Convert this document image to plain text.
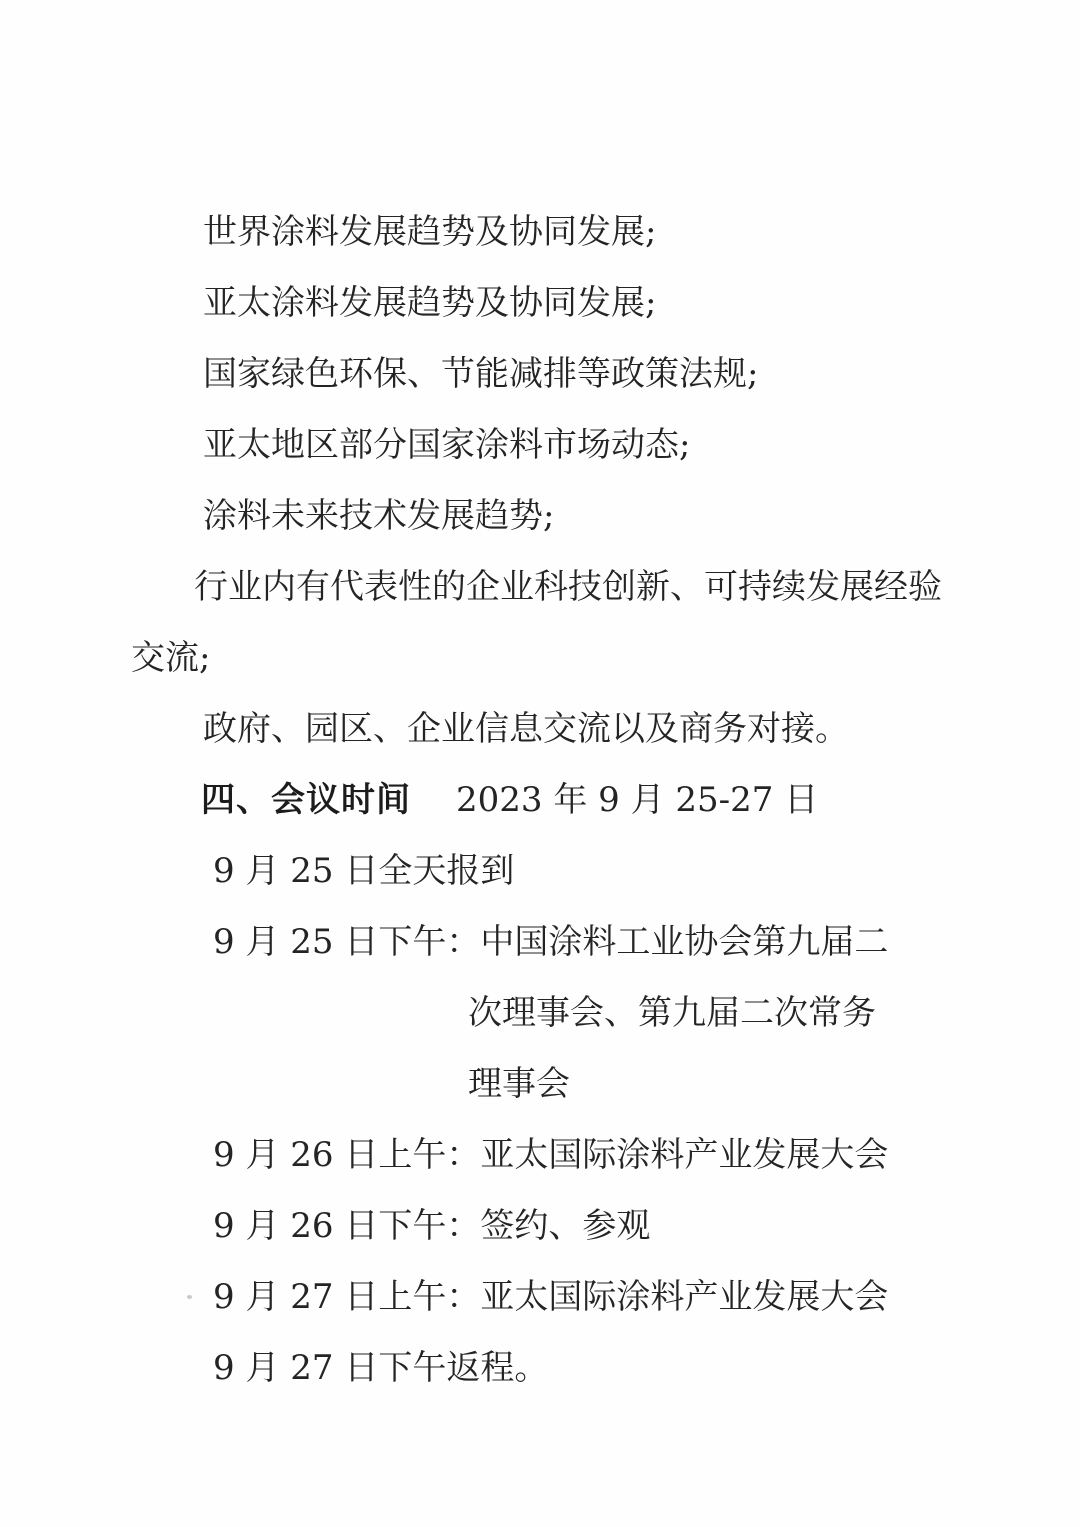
世界涂料发展趋势及协同发展;

亚太涂料发展趋势及协同发展;

国家绿色环保、节能减排等政策法规;

亚太地区部分国家涂料市场动态;

涂料未来技术发展趋势;

行业内有代表性的企业科技创新、可持续发展经验

交流;

政府、园区、企业信息交流以及商务对接。

四、会议时间 2023 年 9 月 25-27 日

9 月 25 日全天报到

9 月 25 日下午：中国涂料工业协会第九届二

次理事会、第九届二次常务

理事会

9 月 26 日上午：亚太国际涂料产业发展大会

9 月 26 日下午：签约、参观

9 月 27 日上午：亚太国际涂料产业发展大会

9 月 27 日下午返程。
